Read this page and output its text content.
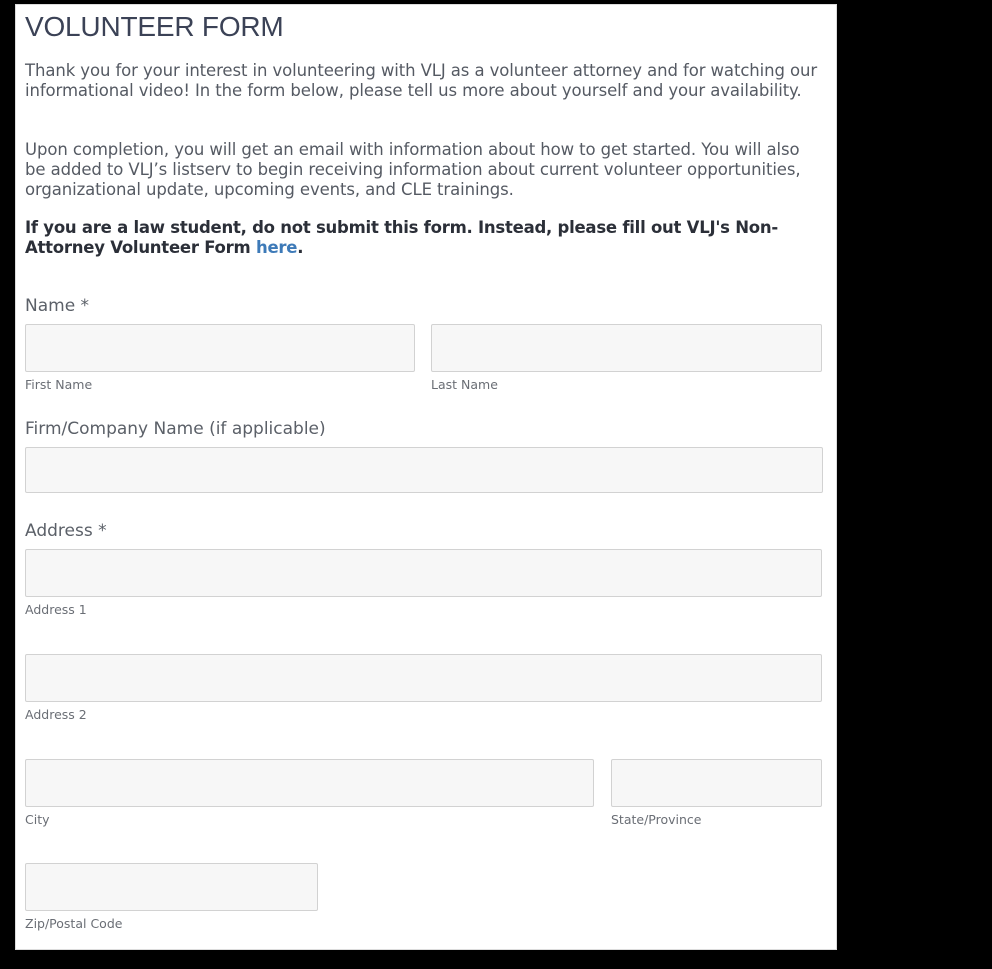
VOLUNTEER FORM

Thank you for your interest in volunteering with VLJ as a volunteer attorney and for watching our informational video! In the form below, please tell us more about yourself and your availability.

Upon completion, you will get an email with information about how to get started. You will also be added to VLJ’s listserv to begin receiving information about current volunteer opportunities, organizational update, upcoming events, and CLE trainings.

If you are a law student, do not submit this form. Instead, please fill out VLJ's Non-Attorney Volunteer Form here.

Name *
First Name	Last Name
Firm/Company Name (if applicable)
Address *
Address 1
Address 2
City	State/Province
Zip/Postal Code
